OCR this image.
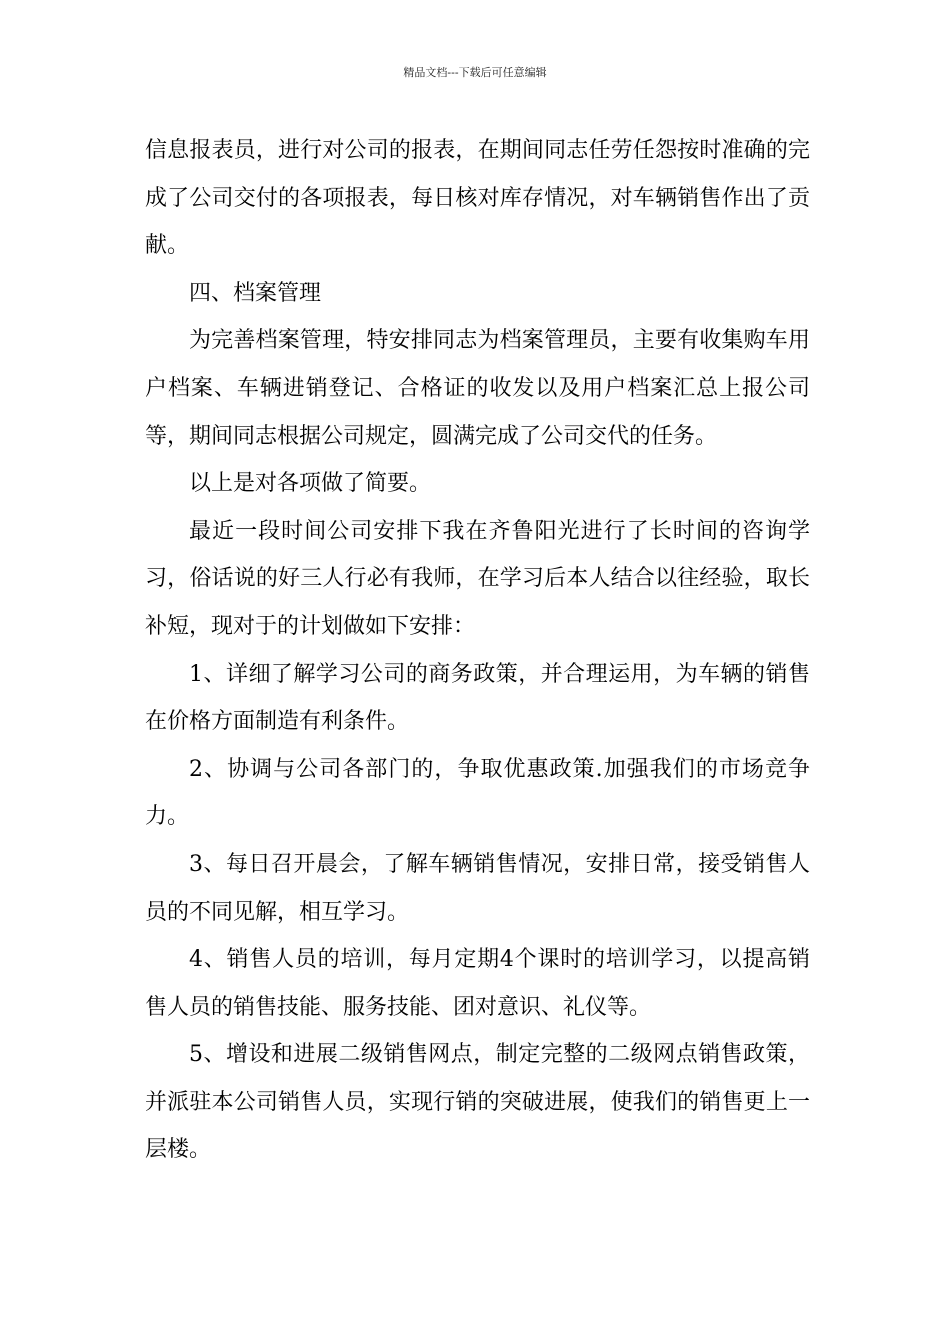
精品文档---下载后可任意编辑

信息报表员，进行对公司的报表，在期间同志任劳任怨按时准确的完成了公司交付的各项报表，每日核对库存情况，对车辆销售作出了贡献。

四、档案管理

为完善档案管理，特安排同志为档案管理员，主要有收集购车用户档案、车辆进销登记、合格证的收发以及用户档案汇总上报公司等，期间同志根据公司规定，圆满完成了公司交代的任务。

以上是对各项做了简要。

最近一段时间公司安排下我在齐鲁阳光进行了长时间的咨询学习，俗话说的好三人行必有我师，在学习后本人结合以往经验，取长补短，现对于的计划做如下安排：

1、详细了解学习公司的商务政策，并合理运用，为车辆的销售在价格方面制造有利条件。

2、协调与公司各部门的，争取优惠政策.加强我们的市场竞争力。

3、每日召开晨会，了解车辆销售情况，安排日常，接受销售人员的不同见解，相互学习。

4、销售人员的培训，每月定期4个课时的培训学习，以提高销售人员的销售技能、服务技能、团对意识、礼仪等。

5、增设和进展二级销售网点，制定完整的二级网点销售政策，并派驻本公司销售人员，实现行销的突破进展，使我们的销售更上一层楼。
